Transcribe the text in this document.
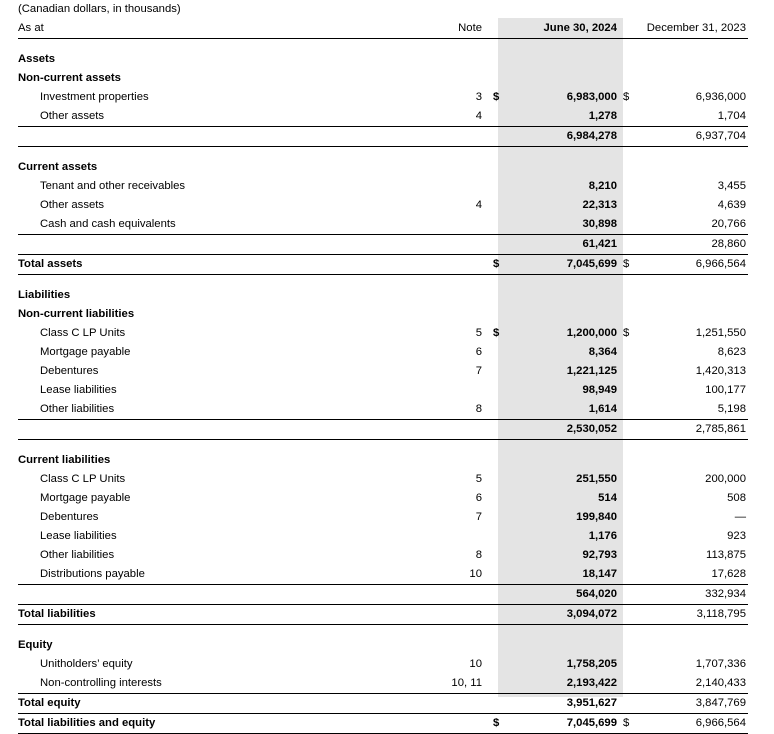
(Canadian dollars, in thousands)					
As at	Note		June 30, 2024		December 31, 2023

Assets					
Non-current assets					
Investment properties	3	$	6,983,000	$	6,936,000
Other assets	4		1,278		1,704
			6,984,278		6,937,704

Current assets					
Tenant and other receivables			8,210		3,455
Other assets	4		22,313		4,639
Cash and cash equivalents			30,898		20,766
			61,421		28,860
Total assets		$	7,045,699	$	6,966,564

Liabilities					
Non-current liabilities					
Class C LP Units	5	$	1,200,000	$	1,251,550
Mortgage payable	6		8,364		8,623
Debentures	7		1,221,125		1,420,313
Lease liabilities			98,949		100,177
Other liabilities	8		1,614		5,198
			2,530,052		2,785,861

Current liabilities					
Class C LP Units	5		251,550		200,000
Mortgage payable	6		514		508
Debentures	7		199,840		—
Lease liabilities			1,176		923
Other liabilities	8		92,793		113,875
Distributions payable	10		18,147		17,628
			564,020		332,934
Total liabilities			3,094,072		3,118,795

Equity					
Unitholders’ equity	10		1,758,205		1,707,336
Non-controlling interests	10, 11		2,193,422		2,140,433
Total equity			3,951,627		3,847,769
Total liabilities and equity		$	7,045,699	$	6,966,564
